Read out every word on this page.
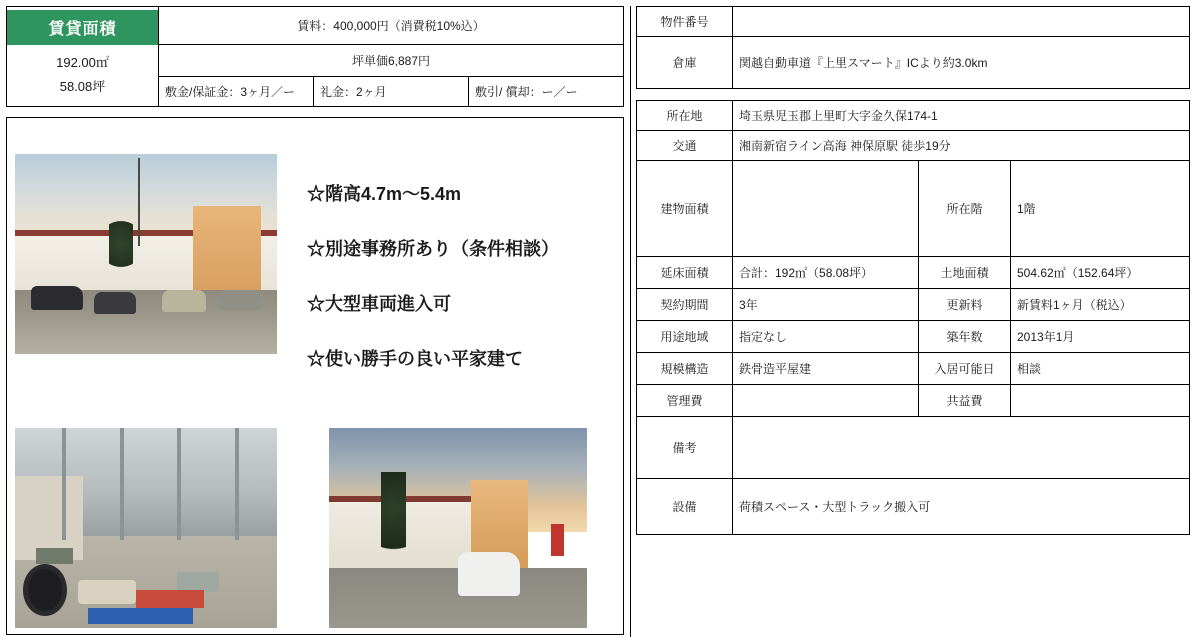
賃貸面積
192.00㎡
58.08坪	賃料：400,000円（消費税10%込）		
	坪単価6,887円		
	敷金/保証金：3ヶ月／ー	礼金：2ヶ月	敷引/ 償却：ー／ー
☆階高4.7m～5.4m
☆別途事務所あり（条件相談）
☆大型車両進入可
☆使い勝手の良い平家建て
物件番号	
倉庫	関越自動車道『上里スマート』ICより約3.0km
所在地	埼玉県児玉郡上里町大字金久保174-1		
交通	湘南新宿ライン高海 神保原駅 徒歩19分		
建物面積		所在階	1階
延床面積	合計：192㎡（58.08坪）	土地面積	504.62㎡（152.64坪）
契約期間	3年	更新料	新賃料1ヶ月（税込）
用途地域	指定なし	築年数	2013年1月
規模構造	鉄骨造平屋建	入居可能日	相談
管理費		共益費	
備考			
設備	荷積スペース・大型トラック搬入可		
